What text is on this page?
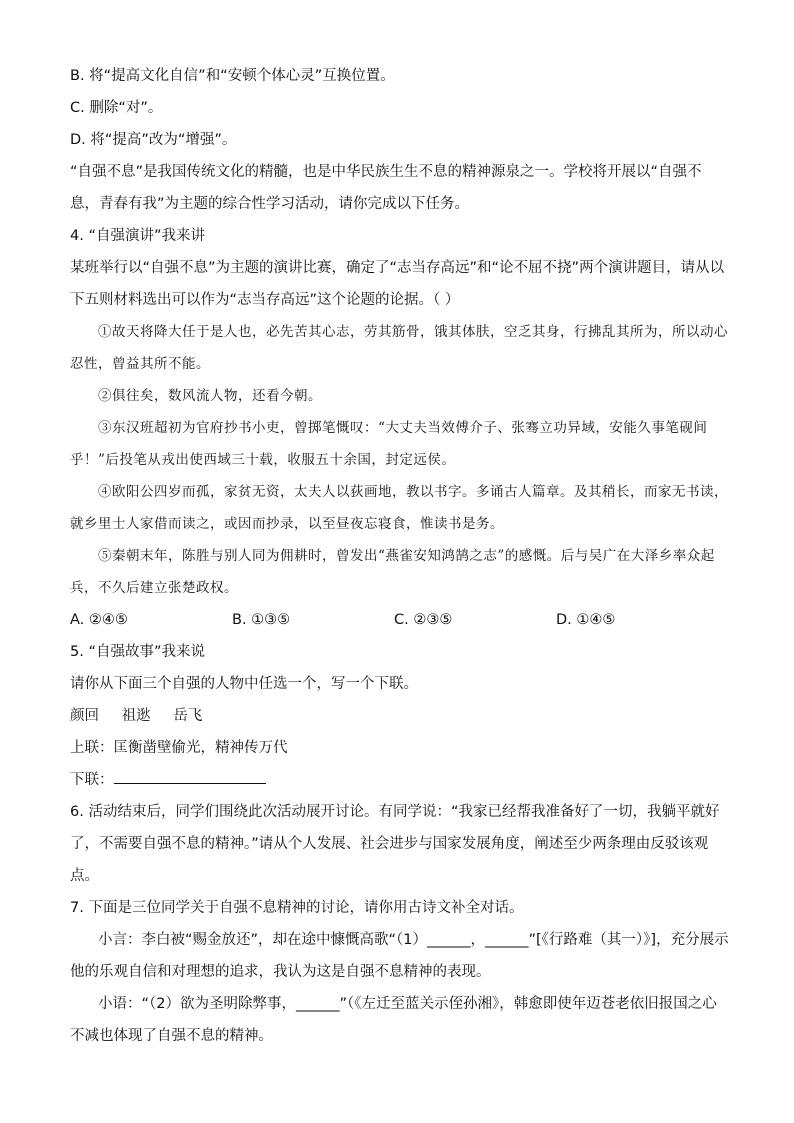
B. 将“提高文化自信”和“安顿个体心灵”互换位置。
C. 删除“对”。
D. 将“提高”改为“增强”。
“自强不息”是我国传统文化的精髓，也是中华民族生生不息的精神源泉之一。学校将开展以“自强不息，青春有我”为主题的综合性学习活动，请你完成以下任务。
4. “自强演讲”我来讲
某班举行以“自强不息”为主题的演讲比赛，确定了“志当存高远”和“论不屈不挠”两个演讲题目，请从以下五则材料选出可以作为“志当存高远”这个论题的论据。（ ）
①故天将降大任于是人也，必先苦其心志，劳其筋骨，饿其体肤，空乏其身，行拂乱其所为，所以动心忍性，曾益其所不能。
②俱往矣，数风流人物，还看今朝。
③东汉班超初为官府抄书小吏，曾掷笔慨叹：“大丈夫当效傅介子、张骞立功异域，安能久事笔砚间乎！”后投笔从戎出使西域三十载，收服五十余国，封定远侯。
④欧阳公四岁而孤，家贫无资，太夫人以荻画地，教以书字。多诵古人篇章。及其稍长，而家无书读，就乡里士人家借而读之，或因而抄录，以至昼夜忘寝食，惟读书是务。
⑤秦朝末年，陈胜与别人同为佣耕时，曾发出“燕雀安知鸿鹄之志”的感慨。后与吴广在大泽乡率众起兵，不久后建立张楚政权。
A. ②④⑤	B. ①③⑤	C. ②③⑤	D. ①④⑤
5. “自强故事”我来说
请你从下面三个自强的人物中任选一个，写一个下联。
颜回 祖逖 岳飞
上联：匡衡凿壁偷光，精神传万代
下联：
6. 活动结束后，同学们围绕此次活动展开讨论。有同学说：“我家已经帮我准备好了一切，我躺平就好了，不需要自强不息的精神。”请从个人发展、社会进步与国家发展角度，阐述至少两条理由反驳该观点。
7. 下面是三位同学关于自强不息精神的讨论，请你用古诗文补全对话。
小言：李白被“赐金放还”，却在途中慷慨高歌“（1）______，______”[《行路难（其一）》]，充分展示他的乐观自信和对理想的追求，我认为这是自强不息精神的表现。
小语：“（2）欲为圣明除弊事，______”（《左迁至蓝关示侄孙湘》，韩愈即使年迈苍老依旧报国之心不减也体现了自强不息的精神。
